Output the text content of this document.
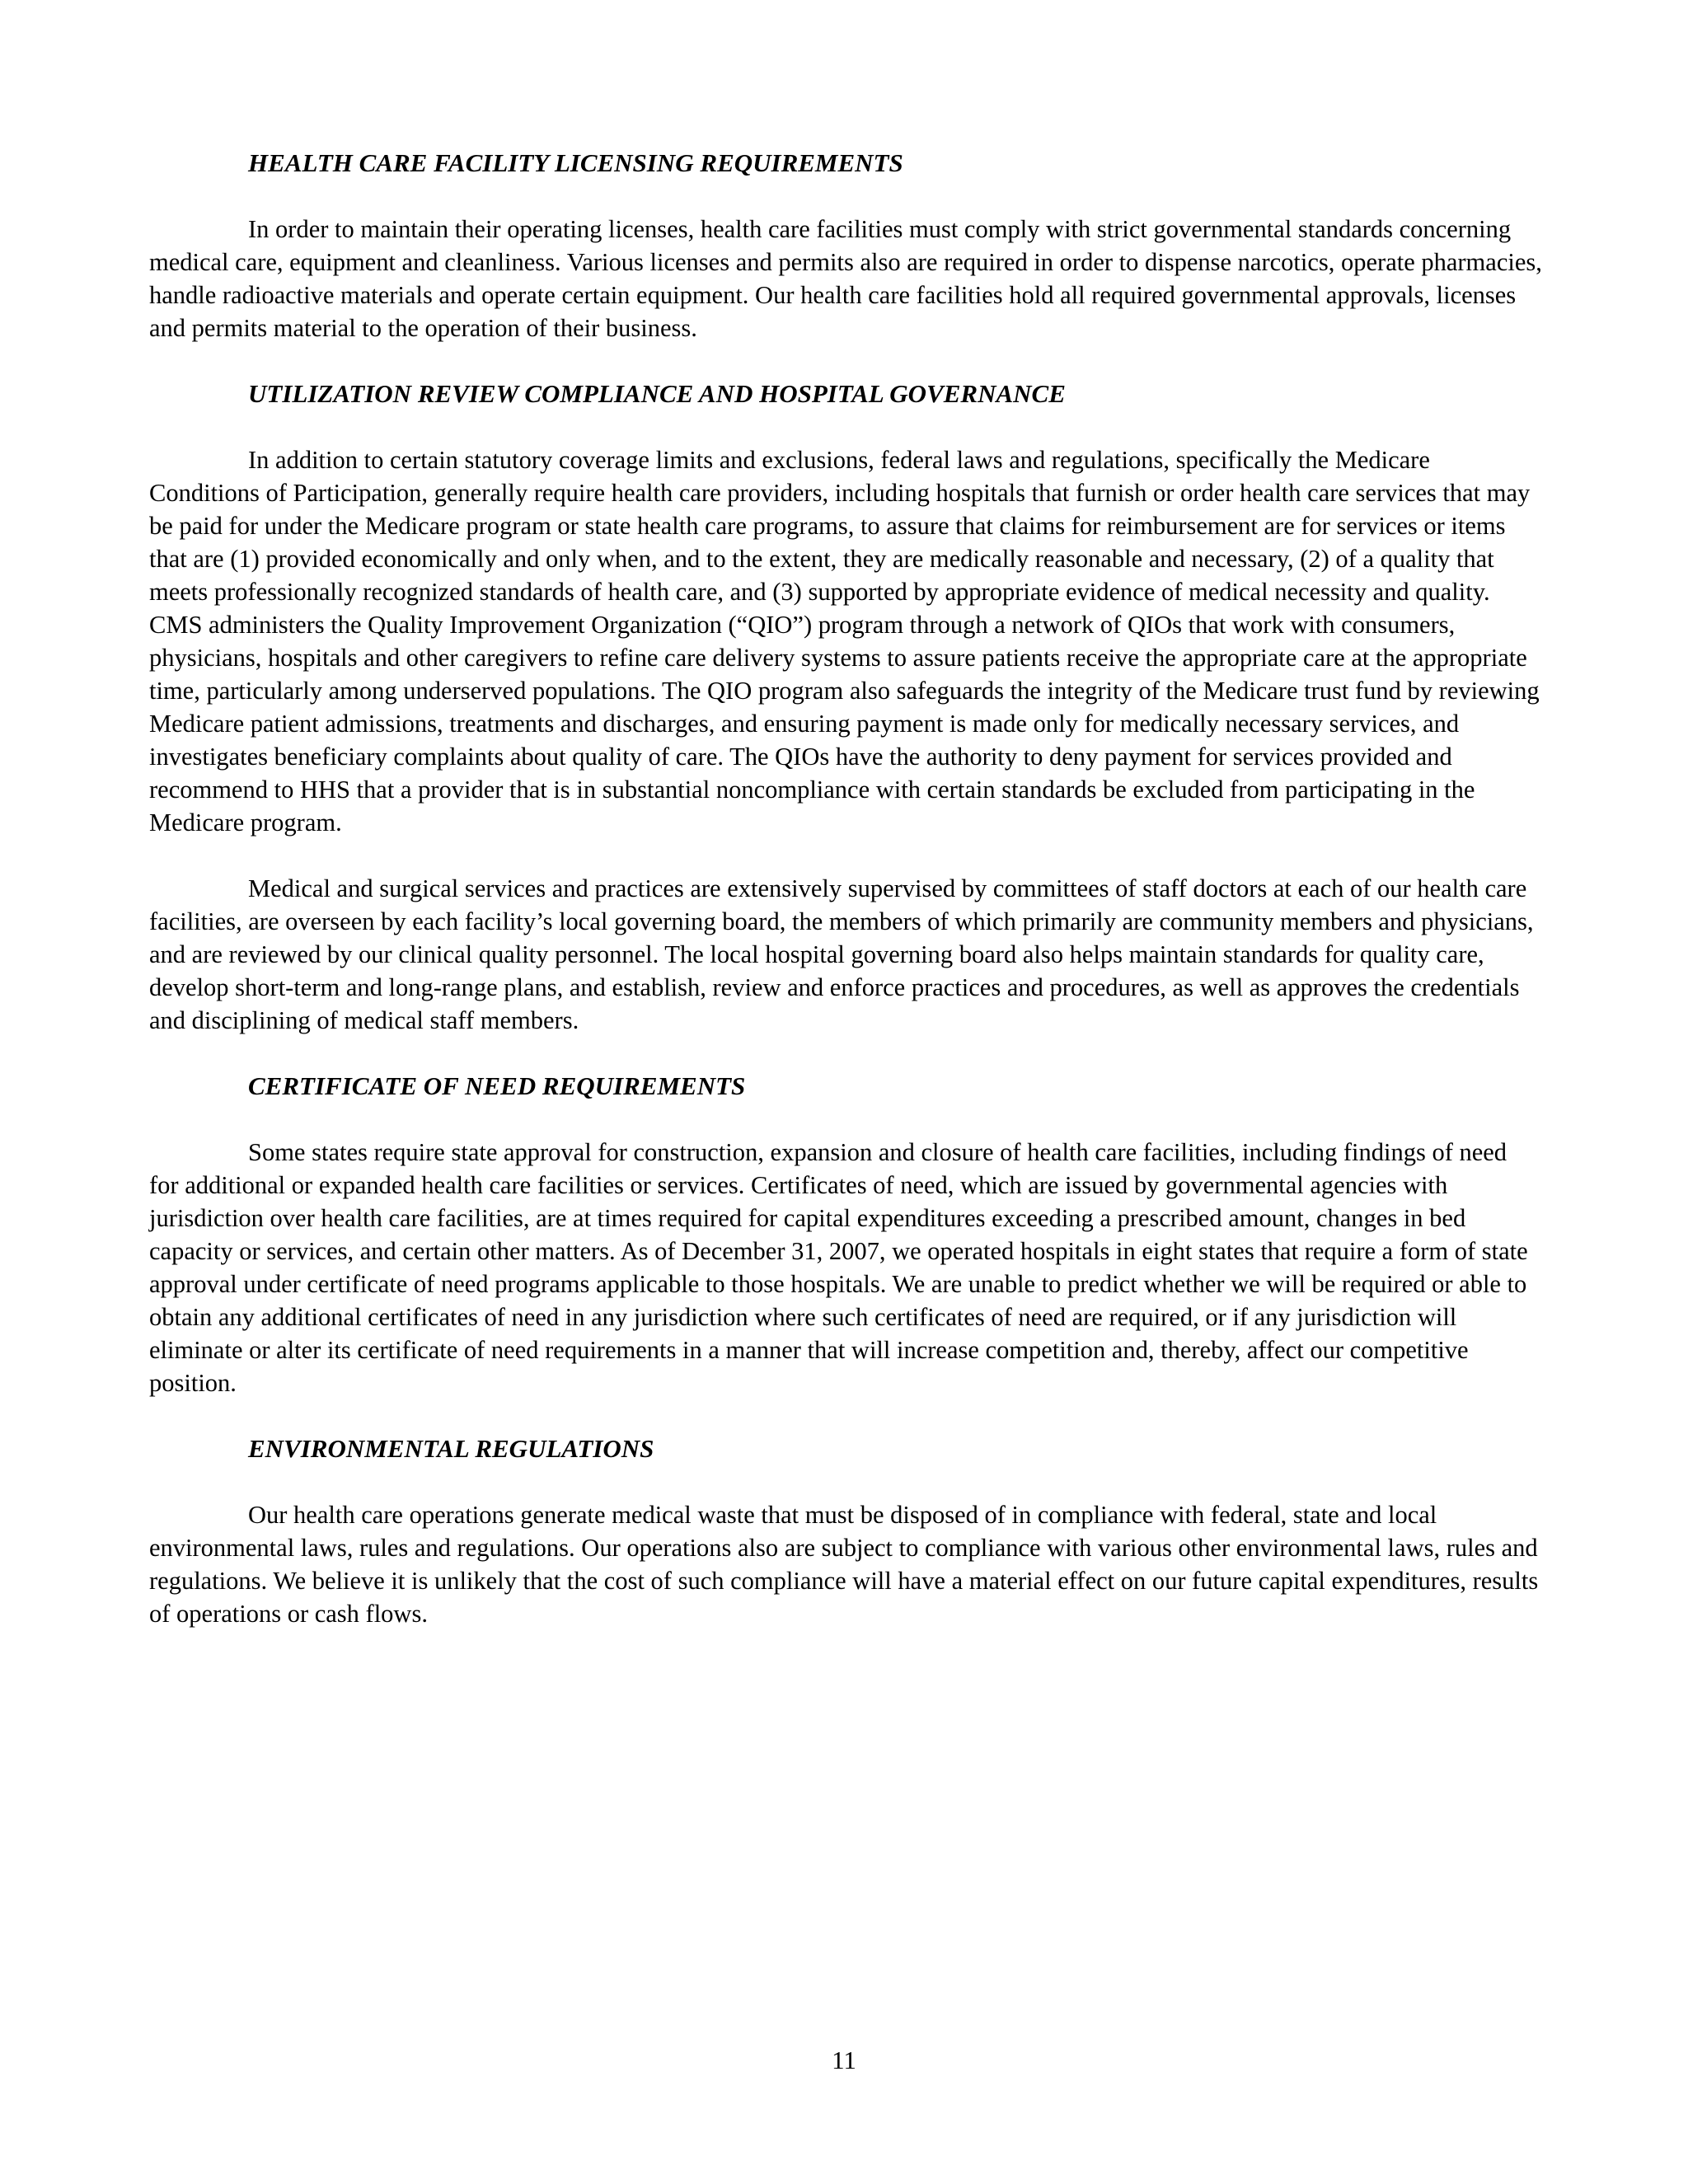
HEALTH CARE FACILITY LICENSING REQUIREMENTS

In order to maintain their operating licenses, health care facilities must comply with strict governmental standards concerning medical care, equipment and cleanliness. Various licenses and permits also are required in order to dispense narcotics, operate pharmacies, handle radioactive materials and operate certain equipment. Our health care facilities hold all required governmental approvals, licenses and permits material to the operation of their business.

UTILIZATION REVIEW COMPLIANCE AND HOSPITAL GOVERNANCE

In addition to certain statutory coverage limits and exclusions, federal laws and regulations, specifically the Medicare Conditions of Participation, generally require health care providers, including hospitals that furnish or order health care services that may be paid for under the Medicare program or state health care programs, to assure that claims for reimbursement are for services or items that are (1) provided economically and only when, and to the extent, they are medically reasonable and necessary, (2) of a quality that meets professionally recognized standards of health care, and (3) supported by appropriate evidence of medical necessity and quality. CMS administers the Quality Improvement Organization (“QIO”) program through a network of QIOs that work with consumers, physicians, hospitals and other caregivers to refine care delivery systems to assure patients receive the appropriate care at the appropriate time, particularly among underserved populations. The QIO program also safeguards the integrity of the Medicare trust fund by reviewing Medicare patient admissions, treatments and discharges, and ensuring payment is made only for medically necessary services, and investigates beneficiary complaints about quality of care. The QIOs have the authority to deny payment for services provided and recommend to HHS that a provider that is in substantial noncompliance with certain standards be excluded from participating in the Medicare program.

Medical and surgical services and practices are extensively supervised by committees of staff doctors at each of our health care facilities, are overseen by each facility’s local governing board, the members of which primarily are community members and physicians, and are reviewed by our clinical quality personnel. The local hospital governing board also helps maintain standards for quality care, develop short-term and long-range plans, and establish, review and enforce practices and procedures, as well as approves the credentials and disciplining of medical staff members.

CERTIFICATE OF NEED REQUIREMENTS

Some states require state approval for construction, expansion and closure of health care facilities, including findings of need for additional or expanded health care facilities or services. Certificates of need, which are issued by governmental agencies with jurisdiction over health care facilities, are at times required for capital expenditures exceeding a prescribed amount, changes in bed capacity or services, and certain other matters. As of December 31, 2007, we operated hospitals in eight states that require a form of state approval under certificate of need programs applicable to those hospitals. We are unable to predict whether we will be required or able to obtain any additional certificates of need in any jurisdiction where such certificates of need are required, or if any jurisdiction will eliminate or alter its certificate of need requirements in a manner that will increase competition and, thereby, affect our competitive position.

ENVIRONMENTAL REGULATIONS

Our health care operations generate medical waste that must be disposed of in compliance with federal, state and local environmental laws, rules and regulations. Our operations also are subject to compliance with various other environmental laws, rules and regulations. We believe it is unlikely that the cost of such compliance will have a material effect on our future capital expenditures, results of operations or cash flows.

11
